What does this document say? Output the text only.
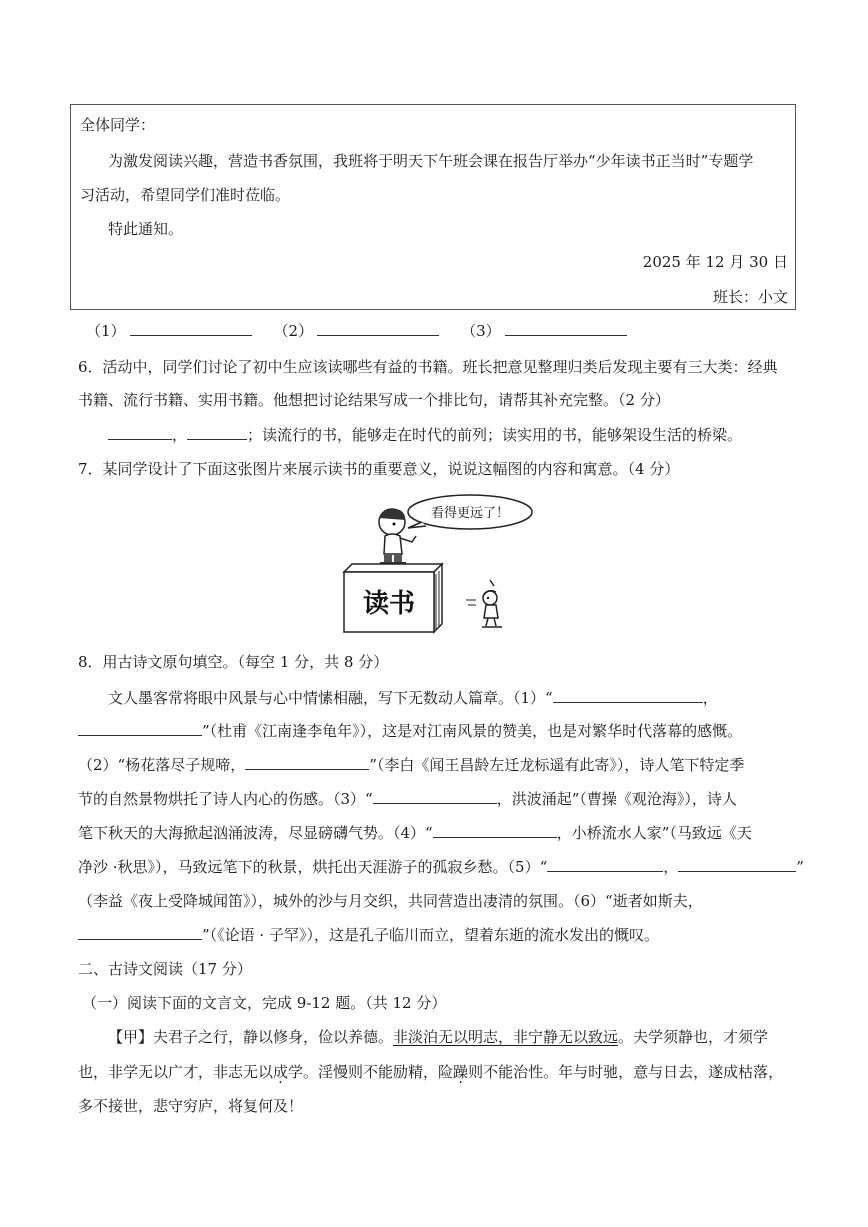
全体同学：
为激发阅读兴趣，营造书香氛围，我班将于明天下午班会课在报告厅举办“少年读书正当时”专题学
习活动，希望同学们准时莅临。
特此通知。
2025 年 12 月 30 日
班长：小文
（1）	（2）	（3）
6．活动中，同学们讨论了初中生应该读哪些有益的书籍。班长把意见整理归类后发现主要有三大类：经典
书籍、流行书籍、实用书籍。他想把讨论结果写成一个排比句，请帮其补充完整。（2 分）
，	；读流行的书，能够走在时代的前列；读实用的书，能够架设生活的桥梁。
7．某同学设计了下面这张图片来展示读书的重要意义，说说这幅图的内容和寓意。（4 分）
看得更远了！
读书
8．用古诗文原句填空。（每空 1 分，共 8 分）
文人墨客常将眼中风景与心中情愫相融，写下无数动人篇章。（1）“	，
”（杜甫《江南逢李龟年》），这是对江南风景的赞美，也是对繁华时代落幕的感慨。
（2）“杨花落尽子规啼，	”（李白《闻王昌龄左迁龙标遥有此寄》），诗人笔下特定季
节的自然景物烘托了诗人内心的伤感。（3）“	，洪波涌起”（曹操《观沧海》），诗人
笔下秋天的大海掀起汹涌波涛，尽显磅礴气势。（4）“	，小桥流水人家”（马致远《天
净沙 ·秋思》），马致远笔下的秋景，烘托出天涯游子的孤寂乡愁。（5）“	，	”
（李益《夜上受降城闻笛》），城外的沙与月交织，共同营造出凄清的氛围。（6）“逝者如斯夫，
”（《论语 · 子罕》），这是孔子临川而立，望着东逝的流水发出的慨叹。
二、古诗文阅读（17 分）
（一）阅读下面的文言文，完成 9-12 题。（共 12 分）
【甲】夫君子之行，静以修身，俭以养德。非淡泊无以明志，非宁静无以致远。夫学须静也，才须学
也，非学无以广才，非志无以成学。淫慢则不能励精，险躁则不能治性。年与时驰，意与日去，遂成枯落，
多不接世，悲守穷庐，将复何及！
